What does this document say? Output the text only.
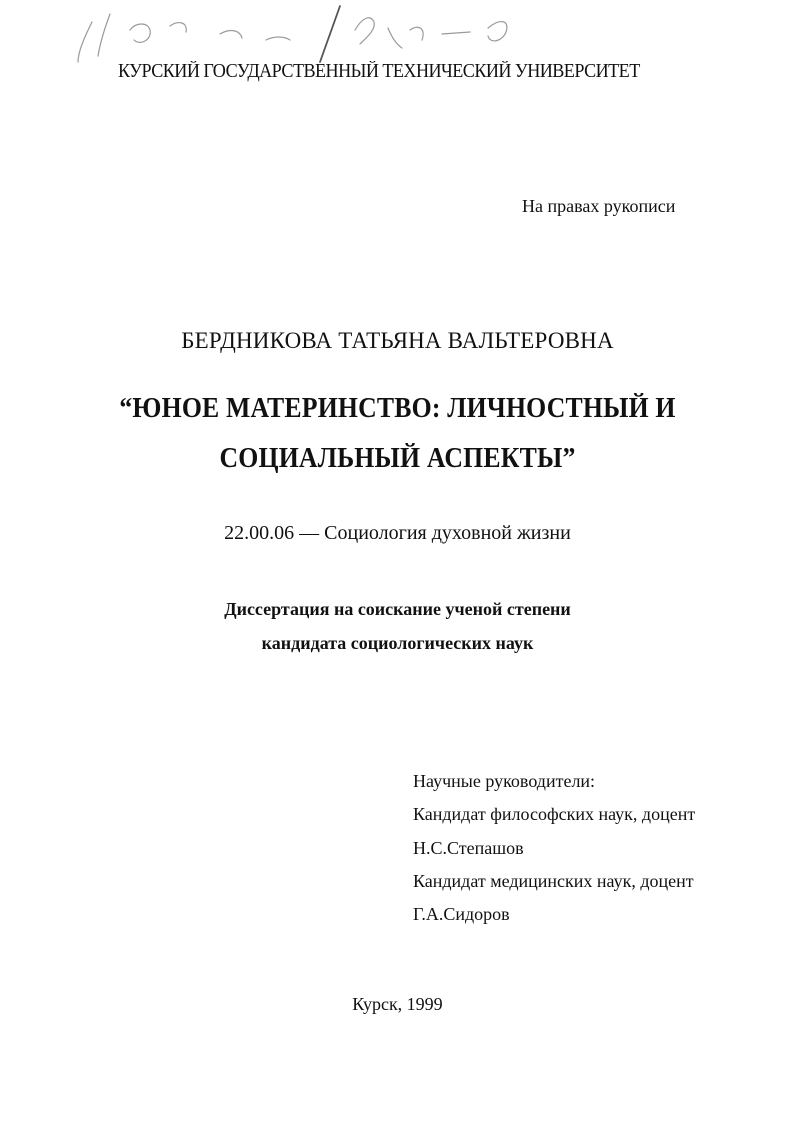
КУРСКИЙ ГОСУДАРСТВЕННЫЙ ТЕХНИЧЕСКИЙ УНИВЕРСИТЕТ
На правах рукописи
БЕРДНИКОВА ТАТЬЯНА ВАЛЬТЕРОВНА
“ЮНОЕ МАТЕРИНСТВО: ЛИЧНОСТНЫЙ И
СОЦИАЛЬНЫЙ АСПЕКТЫ”
22.00.06 — Социология духовной жизни
Диссертация на соискание ученой степени
кандидата социологических наук
Научные руководители:
Кандидат философских наук, доцент
Н.С.Степашов
Кандидат медицинских наук, доцент
Г.А.Сидоров
Курск, 1999
